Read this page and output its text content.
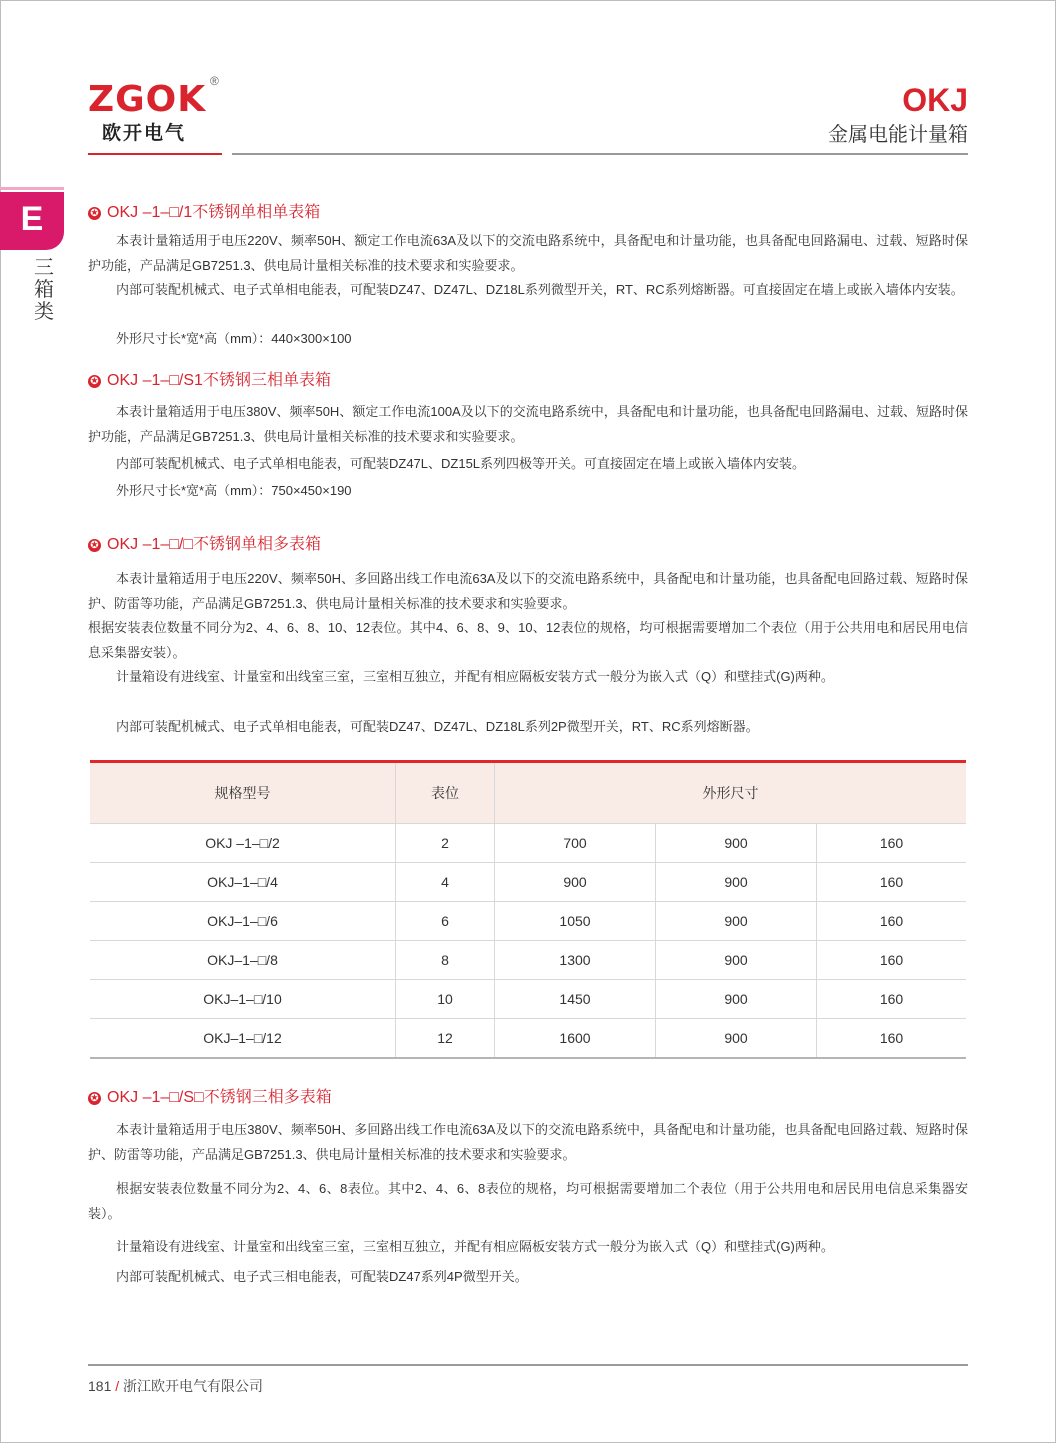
ZGOK ®
欧开电气
OKJ
金属电能计量箱
E
三箱类
✪ OKJ –1–□/1不锈钢单相单表箱
本表计量箱适用于电压220V、频率50H、额定工作电流63A及以下的交流电路系统中，具备配电和计量功能，也具备配电回路漏电、过载、短路时保护功能，产品满足GB7251.3、供电局计量相关标准的技术要求和实验要求。
内部可装配机械式、电子式单相电能表，可配装DZ47、DZ47L、DZ18L系列微型开关，RT、RC系列熔断器。可直接固定在墙上或嵌入墙体内安装。
外形尺寸长*宽*高（mm）：440×300×100
✪ OKJ –1–□/S1不锈钢三相单表箱
本表计量箱适用于电压380V、频率50H、额定工作电流100A及以下的交流电路系统中，具备配电和计量功能，也具备配电回路漏电、过载、短路时保护功能，产品满足GB7251.3、供电局计量相关标准的技术要求和实验要求。
内部可装配机械式、电子式单相电能表，可配装DZ47L、DZ15L系列四极等开关。可直接固定在墙上或嵌入墙体内安装。
外形尺寸长*宽*高（mm）：750×450×190
✪ OKJ –1–□/□不锈钢单相多表箱
本表计量箱适用于电压220V、频率50H、多回路出线工作电流63A及以下的交流电路系统中，具备配电和计量功能，也具备配电回路过载、短路时保护、防雷等功能，产品满足GB7251.3、供电局计量相关标准的技术要求和实验要求。
根据安装表位数量不同分为2、4、6、8、10、12表位。其中4、6、8、9、10、12表位的规格，均可根据需要增加二个表位（用于公共用电和居民用电信息采集器安装）。
计量箱设有进线室、计量室和出线室三室，三室相互独立，并配有相应隔板安装方式一般分为嵌入式（Q）和壁挂式(G)两种。
内部可装配机械式、电子式单相电能表，可配装DZ47、DZ47L、DZ18L系列2P微型开关，RT、RC系列熔断器。
规格型号	表位	外形尺寸		
OKJ –1–□/2	2	700	900	160
OKJ–1–□/4	4	900	900	160
OKJ–1–□/6	6	1050	900	160
OKJ–1–□/8	8	1300	900	160
OKJ–1–□/10	10	1450	900	160
OKJ–1–□/12	12	1600	900	160
✪ OKJ –1–□/S□不锈钢三相多表箱
本表计量箱适用于电压380V、频率50H、多回路出线工作电流63A及以下的交流电路系统中，具备配电和计量功能，也具备配电回路过载、短路时保护、防雷等功能，产品满足GB7251.3、供电局计量相关标准的技术要求和实验要求。
根据安装表位数量不同分为2、4、6、8表位。其中2、4、6、8表位的规格，均可根据需要增加二个表位（用于公共用电和居民用电信息采集器安装）。
计量箱设有进线室、计量室和出线室三室，三室相互独立，并配有相应隔板安装方式一般分为嵌入式（Q）和壁挂式(G)两种。
内部可装配机械式、电子式三相电能表，可配装DZ47系列4P微型开关。
181 / 浙江欧开电气有限公司
